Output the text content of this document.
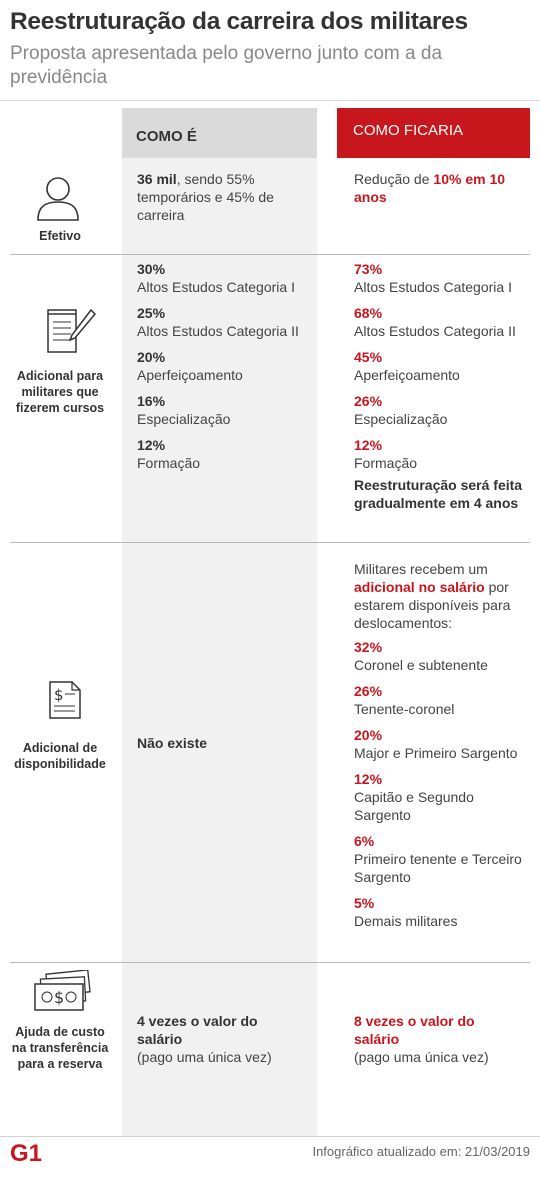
Reestruturação da carreira dos militares
Proposta apresentada pelo governo junto com a da previdência
COMO É	COMO FICARIA
Efetivo
36 mil, sendo 55% temporários e 45% de carreira
Redução de 10% em 10 anos
Adicional para militares que fizerem cursos
30%
Altos Estudos Categoria I
25%
Altos Estudos Categoria II
20%
Aperfeiçoamento
16%
Especialização
12%
Formação
73%
Altos Estudos Categoria I
68%
Altos Estudos Categoria II
45%
Aperfeiçoamento
26%
Especialização
12%
Formação
Reestruturação será feita gradualmente em 4 anos
$
Adicional de disponibilidade
Não existe
Militares recebem um adicional no salário por estarem disponíveis para deslocamentos:
32%
Coronel e subtenente
26%
Tenente-coronel
20%
Major e Primeiro Sargento
12%
Capitão e Segundo Sargento
6%
Primeiro tenente e Terceiro Sargento
5%
Demais militares
$
Ajuda de custo na transferência para a reserva
4 vezes o valor do salário
(pago uma única vez)
8 vezes o valor do salário
(pago uma única vez)
G1	Infográfico atualizado em: 21/03/2019
